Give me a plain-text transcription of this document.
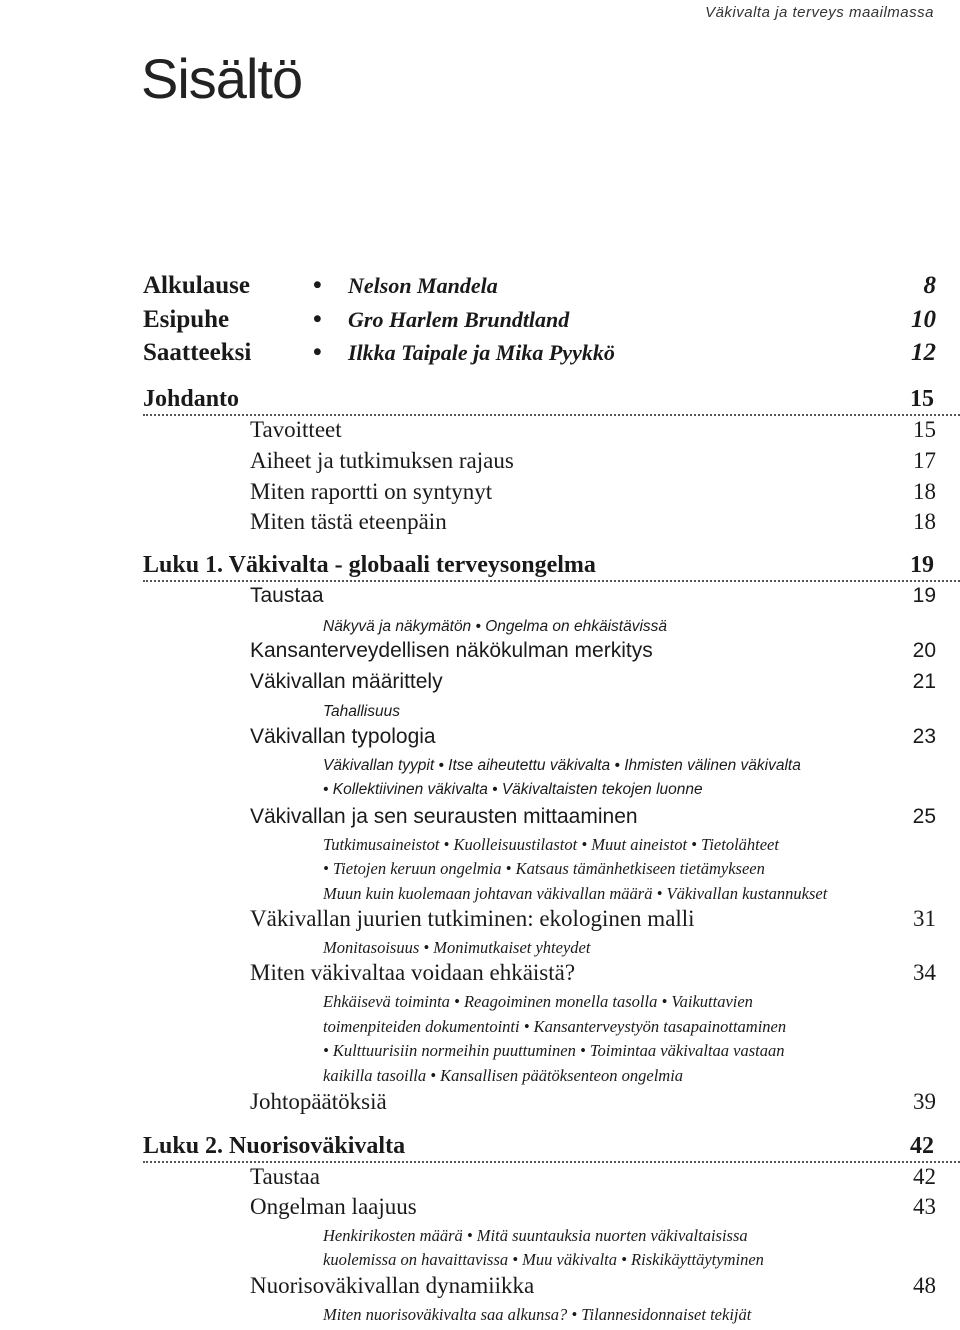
Väkivalta ja terveys maailmassa
Sisältö
Alkulause	• Nelson Mandela	8
Esipuhe	• Gro Harlem Brundtland	10
Saatteeksi • Ilkka Taipale ja Mika Pyykkö	12
Johdanto	15
Tavoitteet	15
Aiheet ja tutkimuksen rajaus	17
Miten raportti on syntynyt	18
Miten tästä eteenpäin	18
Luku 1. Väkivalta - globaali terveysongelma	19
Taustaa	19
Näkyvä ja näkymätön • Ongelma on ehkäistävissä
Kansanterveydellisen näkökulman merkitys	20
Väkivallan määrittely	21
Tahallisuus
Väkivallan typologia	23
Väkivallan tyypit • Itse aiheutettu väkivalta • Ihmisten välinen väkivalta
• Kollektiivinen väkivalta • Väkivaltaisten tekojen luonne
Väkivallan ja sen seurausten mittaaminen	25
Tutkimusaineistot • Kuolleisuustilastot • Muut aineistot • Tietolähteet
• Tietojen keruun ongelmia • Katsaus tämänhetkiseen tietämykseen
Muun kuin kuolemaan johtavan väkivallan määrä • Väkivallan kustannukset
Väkivallan juurien tutkiminen: ekologinen malli	31
Monitasoisuus • Monimutkaiset yhteydet
Miten väkivaltaa voidaan ehkäistä?	34
Ehkäisevä toiminta • Reagoiminen monella tasolla • Vaikuttavien
toimenpiteiden dokumentointi • Kansanterveystyön tasapainottaminen
• Kulttuurisiin normeihin puuttuminen • Toimintaa väkivaltaa vastaan
kaikilla tasoilla • Kansallisen päätöksenteon ongelmia
Johtopäätöksiä	39
Luku 2. Nuorisoväkivalta	42
Taustaa	42
Ongelman laajuus	43
Henkirikosten määrä • Mitä suuntauksia nuorten väkivaltaisissa
kuolemissa on havaittavissa • Muu väkivalta • Riskikäyttäytyminen
Nuorisoväkivallan dynamiikka	48
Miten nuorisoväkivalta saa alkunsa? • Tilannesidonnaiset tekijät
